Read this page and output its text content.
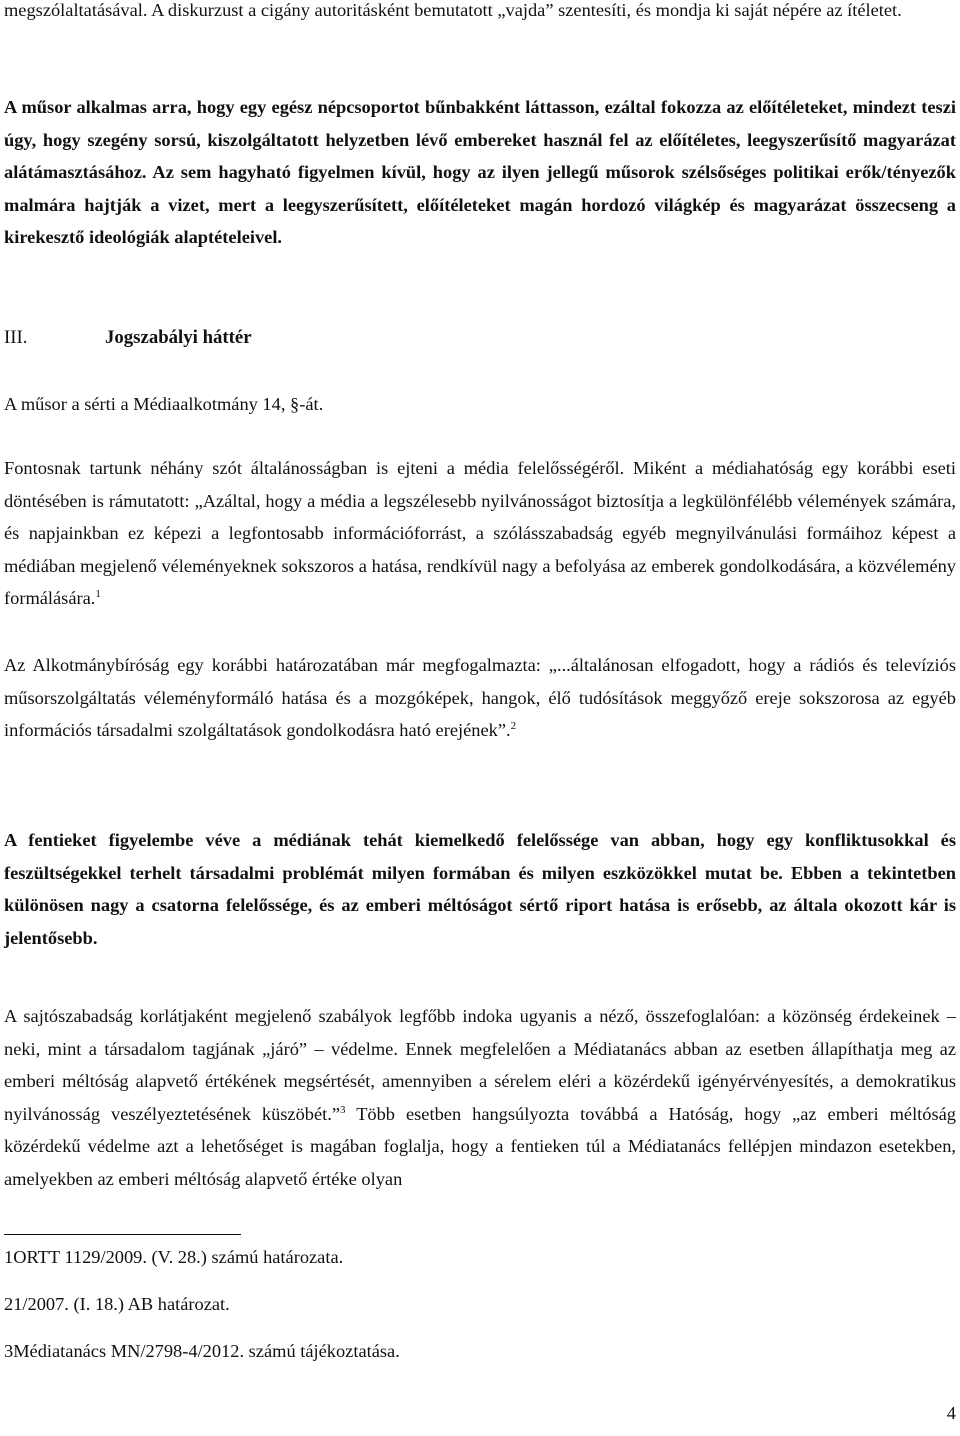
megszólaltatásával. A diskurzust a cigány autoritásként bemutatott „vajda” szentesíti, és mondja ki saját népére az ítéletet.

A műsor alkalmas arra, hogy egy egész népcsoportot bűnbakként láttasson, ezáltal fokozza az előítéleteket, mindezt teszi úgy, hogy szegény sorsú, kiszolgáltatott helyzetben lévő embereket használ fel az előítéletes, leegyszerűsítő magyarázat alátámasztásához. Az sem hagyható figyelmen kívül, hogy az ilyen jellegű műsorok szélsőséges politikai erők/tényezők malmára hajtják a vizet, mert a leegyszerűsített, előítéleteket magán hordozó világkép és magyarázat összecseng a kirekesztő ideológiák alaptételeivel.

III.	Jogszabályi háttér

A műsor a sérti a Médiaalkotmány 14, §-át.

Fontosnak tartunk néhány szót általánosságban is ejteni a média felelősségéről. Miként a médiahatóság egy korábbi eseti döntésében is rámutatott: „Azáltal, hogy a média a legszélesebb nyilvánosságot biztosítja a legkülönfélébb vélemények számára, és napjainkban ez képezi a legfontosabb információforrást, a szólásszabadság egyéb megnyilvánulási formáihoz képest a médiában megjelenő véleményeknek sokszoros a hatása, rendkívül nagy a befolyása az emberek gondolkodására, a közvélemény formálására.$^1$

Az Alkotmánybíróság egy korábbi határozatában már megfogalmazta: „...általánosan elfogadott, hogy a rádiós és televíziós műsorszolgáltatás véleményformáló hatása és a mozgóképek, hangok, élő tudósítások meggyőző ereje sokszorosa az egyéb információs társadalmi szolgáltatások gondolkodásra ható erejének”.$^2$

A fentieket figyelembe véve a médiának tehát kiemelkedő felelőssége van abban, hogy egy konfliktusokkal és feszültségekkel terhelt társadalmi problémát milyen formában és milyen eszközökkel mutat be. Ebben a tekintetben különösen nagy a csatorna felelőssége, és az emberi méltóságot sértő riport hatása is erősebb, az általa okozott kár is jelentősebb.

A sajtószabadság korlátjaként megjelenő szabályok legfőbb indoka ugyanis a néző, összefoglalóan: a közönség érdekeinek – neki, mint a társadalom tagjának „járó” – védelme. Ennek megfelelően a Médiatanács abban az esetben állapíthatja meg az emberi méltóság alapvető értékének megsértését, amennyiben a sérelem eléri a közérdekű igényérvényesítés, a demokratikus nyilvánosság veszélyeztetésének küszöbét.”$^3$ Több esetben hangsúlyozta továbbá a Hatóság, hogy „az emberi méltóság közérdekű védelme azt a lehetőséget is magában foglalja, hogy a fentieken túl a Médiatanács fellépjen mindazon esetekben, amelyekben az emberi méltóság alapvető értéke olyan

1ORTT 1129/2009. (V. 28.) számú határozata.
21/2007. (I. 18.) AB határozat.
3Médiatanács MN/2798-4/2012. számú tájékoztatása.
4
